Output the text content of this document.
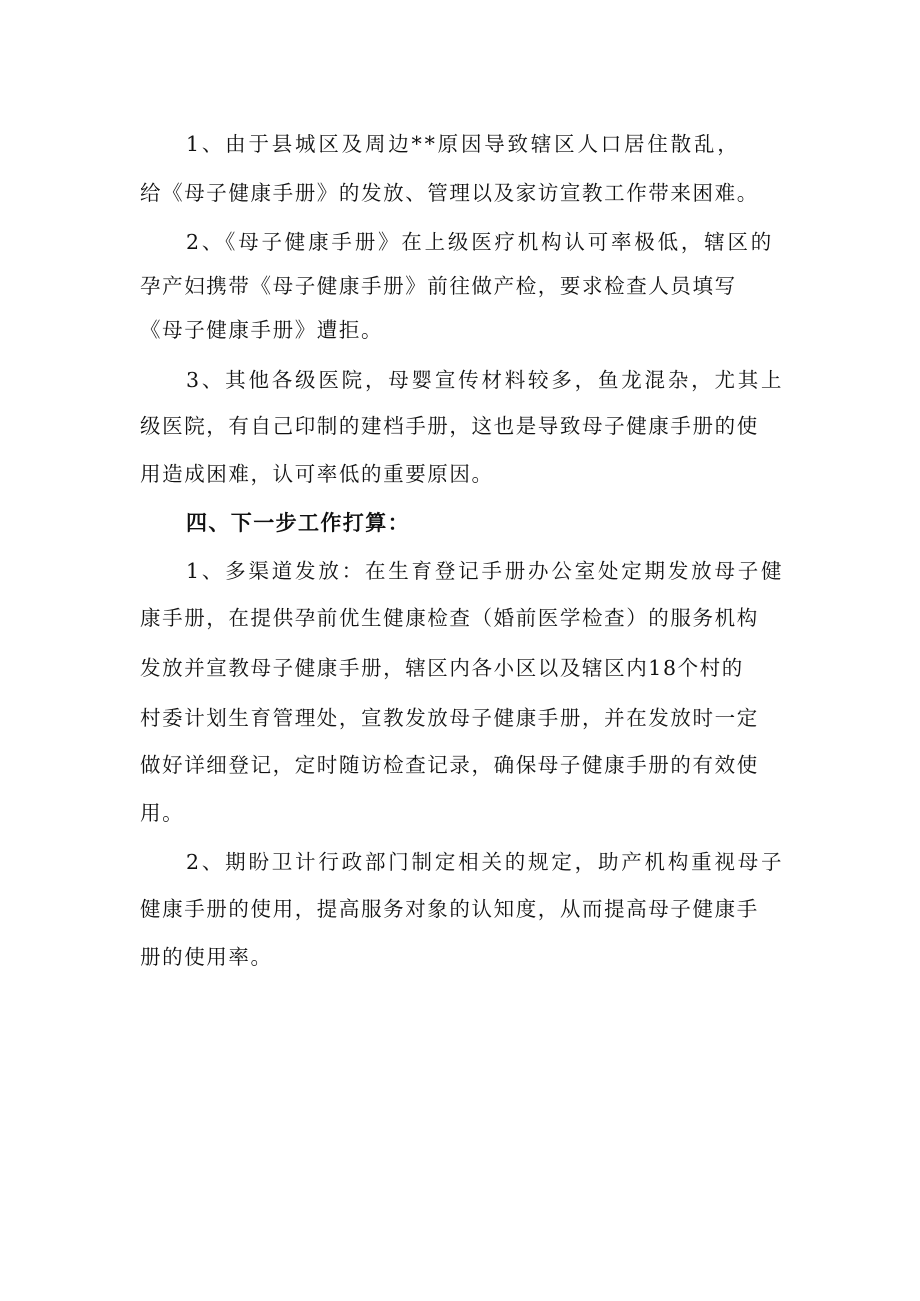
1、由于县城区及周边**原因导致辖区人口居住散乱，
给《母子健康手册》的发放、管理以及家访宣教工作带来困难。
2、《母子健康手册》在上级医疗机构认可率极低，辖区的
孕产妇携带《母子健康手册》前往做产检，要求检查人员填写
《母子健康手册》遭拒。
3、其他各级医院，母婴宣传材料较多，鱼龙混杂，尤其上
级医院，有自己印制的建档手册，这也是导致母子健康手册的使
用造成困难，认可率低的重要原因。
四、下一步工作打算：
1、多渠道发放：在生育登记手册办公室处定期发放母子健
康手册，在提供孕前优生健康检查（婚前医学检查）的服务机构
发放并宣教母子健康手册，辖区内各小区以及辖区内18个村的
村委计划生育管理处，宣教发放母子健康手册，并在发放时一定
做好详细登记，定时随访检查记录，确保母子健康手册的有效使
用。
2、期盼卫计行政部门制定相关的规定，助产机构重视母子
健康手册的使用，提高服务对象的认知度，从而提高母子健康手
册的使用率。
